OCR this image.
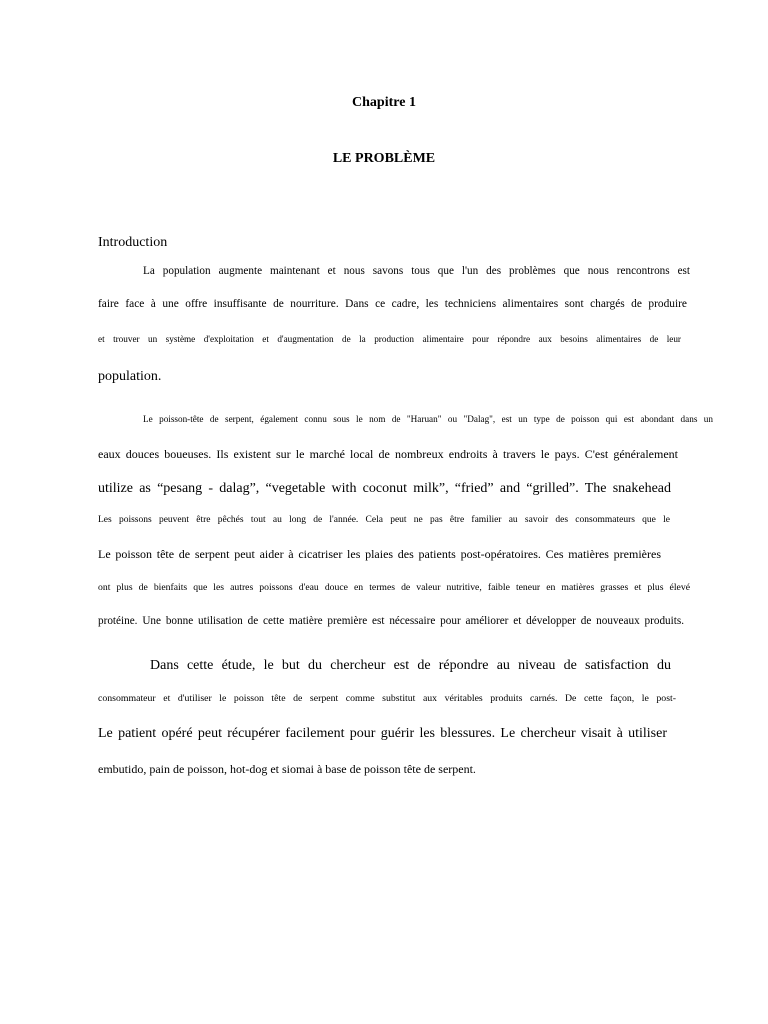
Chapitre 1

LE PROBLÈME

Introduction

La population augmente maintenant et nous savons tous que l'un des problèmes que nous rencontrons est

faire face à une offre insuffisante de nourriture. Dans ce cadre, les techniciens alimentaires sont chargés de produire

et trouver un système d'exploitation et d'augmentation de la production alimentaire pour répondre aux besoins alimentaires de leur

population.

Le poisson-tête de serpent, également connu sous le nom de "Haruan" ou "Dalag", est un type de poisson qui est abondant dans un

eaux douces boueuses. Ils existent sur le marché local de nombreux endroits à travers le pays. C'est généralement

utilize as “pesang - dalag”, “vegetable with coconut milk”, “fried” and “grilled”. The snakehead

Les poissons peuvent être pêchés tout au long de l'année. Cela peut ne pas être familier au savoir des consommateurs que le

Le poisson tête de serpent peut aider à cicatriser les plaies des patients post-opératoires. Ces matières premières

ont plus de bienfaits que les autres poissons d'eau douce en termes de valeur nutritive, faible teneur en matières grasses et plus élevé

protéine. Une bonne utilisation de cette matière première est nécessaire pour améliorer et développer de nouveaux produits.

Dans cette étude, le but du chercheur est de répondre au niveau de satisfaction du

consommateur et d'utiliser le poisson tête de serpent comme substitut aux véritables produits carnés. De cette façon, le post-

Le patient opéré peut récupérer facilement pour guérir les blessures. Le chercheur visait à utiliser

embutido, pain de poisson, hot-dog et siomai à base de poisson tête de serpent.
